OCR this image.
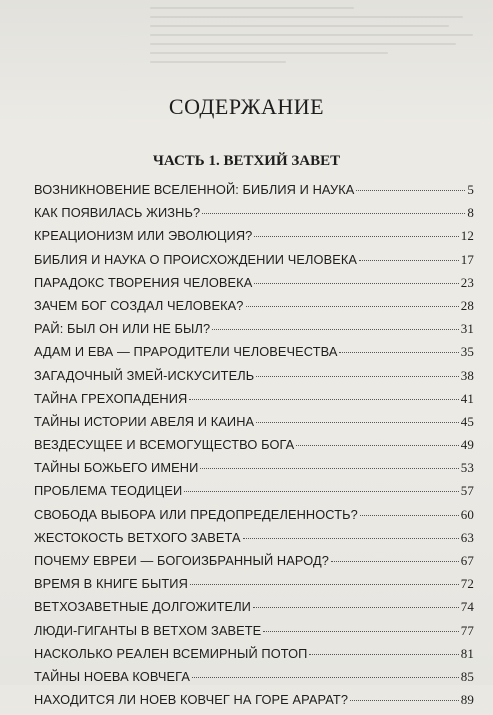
СОДЕРЖАНИЕ
ЧАСТЬ 1. ВЕТХИЙ ЗАВЕТ
ВОЗНИКНОВЕНИЕ ВСЕЛЕННОЙ: БИБЛИЯ И НАУКА	5
КАК ПОЯВИЛАСЬ ЖИЗНЬ?	8
КРЕАЦИОНИЗМ ИЛИ ЭВОЛЮЦИЯ?	12
БИБЛИЯ И НАУКА О ПРОИСХОЖДЕНИИ ЧЕЛОВЕКА	17
ПАРАДОКС ТВОРЕНИЯ ЧЕЛОВЕКА	23
ЗАЧЕМ БОГ СОЗДАЛ ЧЕЛОВЕКА?	28
РАЙ: БЫЛ ОН ИЛИ НЕ БЫЛ?	31
АДАМ И ЕВА — ПРАРОДИТЕЛИ ЧЕЛОВЕЧЕСТВА	35
ЗАГАДОЧНЫЙ ЗМЕЙ-ИСКУСИТЕЛЬ	38
ТАЙНА ГРЕХОПАДЕНИЯ	41
ТАЙНЫ ИСТОРИИ АВЕЛЯ И КАИНА	45
ВЕЗДЕСУЩЕЕ И ВСЕМОГУЩЕСТВО БОГА	49
ТАЙНЫ БОЖЬЕГО ИМЕНИ	53
ПРОБЛЕМА ТЕОДИЦЕИ	57
СВОБОДА ВЫБОРА ИЛИ ПРЕДОПРЕДЕЛЕННОСТЬ?	60
ЖЕСТОКОСТЬ ВЕТХОГО ЗАВЕТА	63
ПОЧЕМУ ЕВРЕИ — БОГОИЗБРАННЫЙ НАРОД?	67
ВРЕМЯ В КНИГЕ БЫТИЯ	72
ВЕТХОЗАВЕТНЫЕ ДОЛГОЖИТЕЛИ	74
ЛЮДИ-ГИГАНТЫ В ВЕТХОМ ЗАВЕТЕ	77
НАСКОЛЬКО РЕАЛЕН ВСЕМИРНЫЙ ПОТОП	81
ТАЙНЫ НОЕВА КОВЧЕГА	85
НАХОДИТСЯ ЛИ НОЕВ КОВЧЕГ НА ГОРЕ АРАРАТ?	89
